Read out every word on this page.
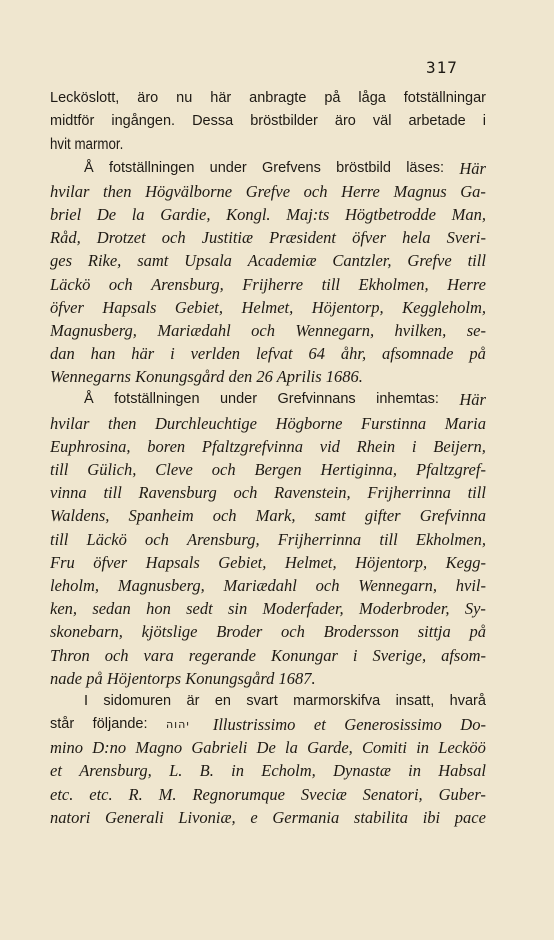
317
Lecköslott, äro nu här anbragte på låga fotställningar
midtför ingången. Dessa bröstbilder äro väl arbetade i
hvit marmor.
Å fotställningen under Grefvens bröstbild läses: Här
hvilar then Högvälborne Grefve och Herre Magnus Ga-
briel De la Gardie, Kongl. Maj:ts Högtbetrodde Man,
Råd, Drotzet och Justitiæ Præsident öfver hela Sveri-
ges Rike, samt Upsala Academiæ Cantzler, Grefve till
Läckö och Arensburg, Frijherre till Ekholmen, Herre
öfver Hapsals Gebiet, Helmet, Höjentorp, Keggleholm,
Magnusberg, Mariædahl och Wennegarn, hvilken, se-
dan han här i verlden lefvat 64 åhr, afsomnade på
Wennegarns Konungsgård den 26 Aprilis 1686.
Å fotställningen under Grefvinnans inhemtas: Här
hvilar then Durchleuchtige Högborne Furstinna Maria
Euphrosina, boren Pfaltzgrefvinna vid Rhein i Beijern,
till Gülich, Cleve och Bergen Hertiginna, Pfaltzgref-
vinna till Ravensburg och Ravenstein, Frijherrinna till
Waldens, Spanheim och Mark, samt gifter Grefvinna
till Läckö och Arensburg, Frijherrinna till Ekholmen,
Fru öfver Hapsals Gebiet, Helmet, Höjentorp, Kegg-
leholm, Magnusberg, Mariædahl och Wennegarn, hvil-
ken, sedan hon sedt sin Moderfader, Moderbroder, Sy-
skonebarn, kjötslige Broder och Brodersson sittja på
Thron och vara regerande Konungar i Sverige, afsom-
nade på Höjentorps Konungsgård 1687.
I sidomuren är en svart marmorskifva insatt, hvarå
står följande: יהוה Illustrissimo et Generosissimo Do-
mino D:no Magno Gabrieli De la Garde, Comiti in Lecköö
et Arensburg, L. B. in Echolm, Dynastæ in Habsal
etc. etc. R. M. Regnorumque Sveciæ Senatori, Guber-
natori Generali Livoniæ, e Germania stabilita ibi pace
